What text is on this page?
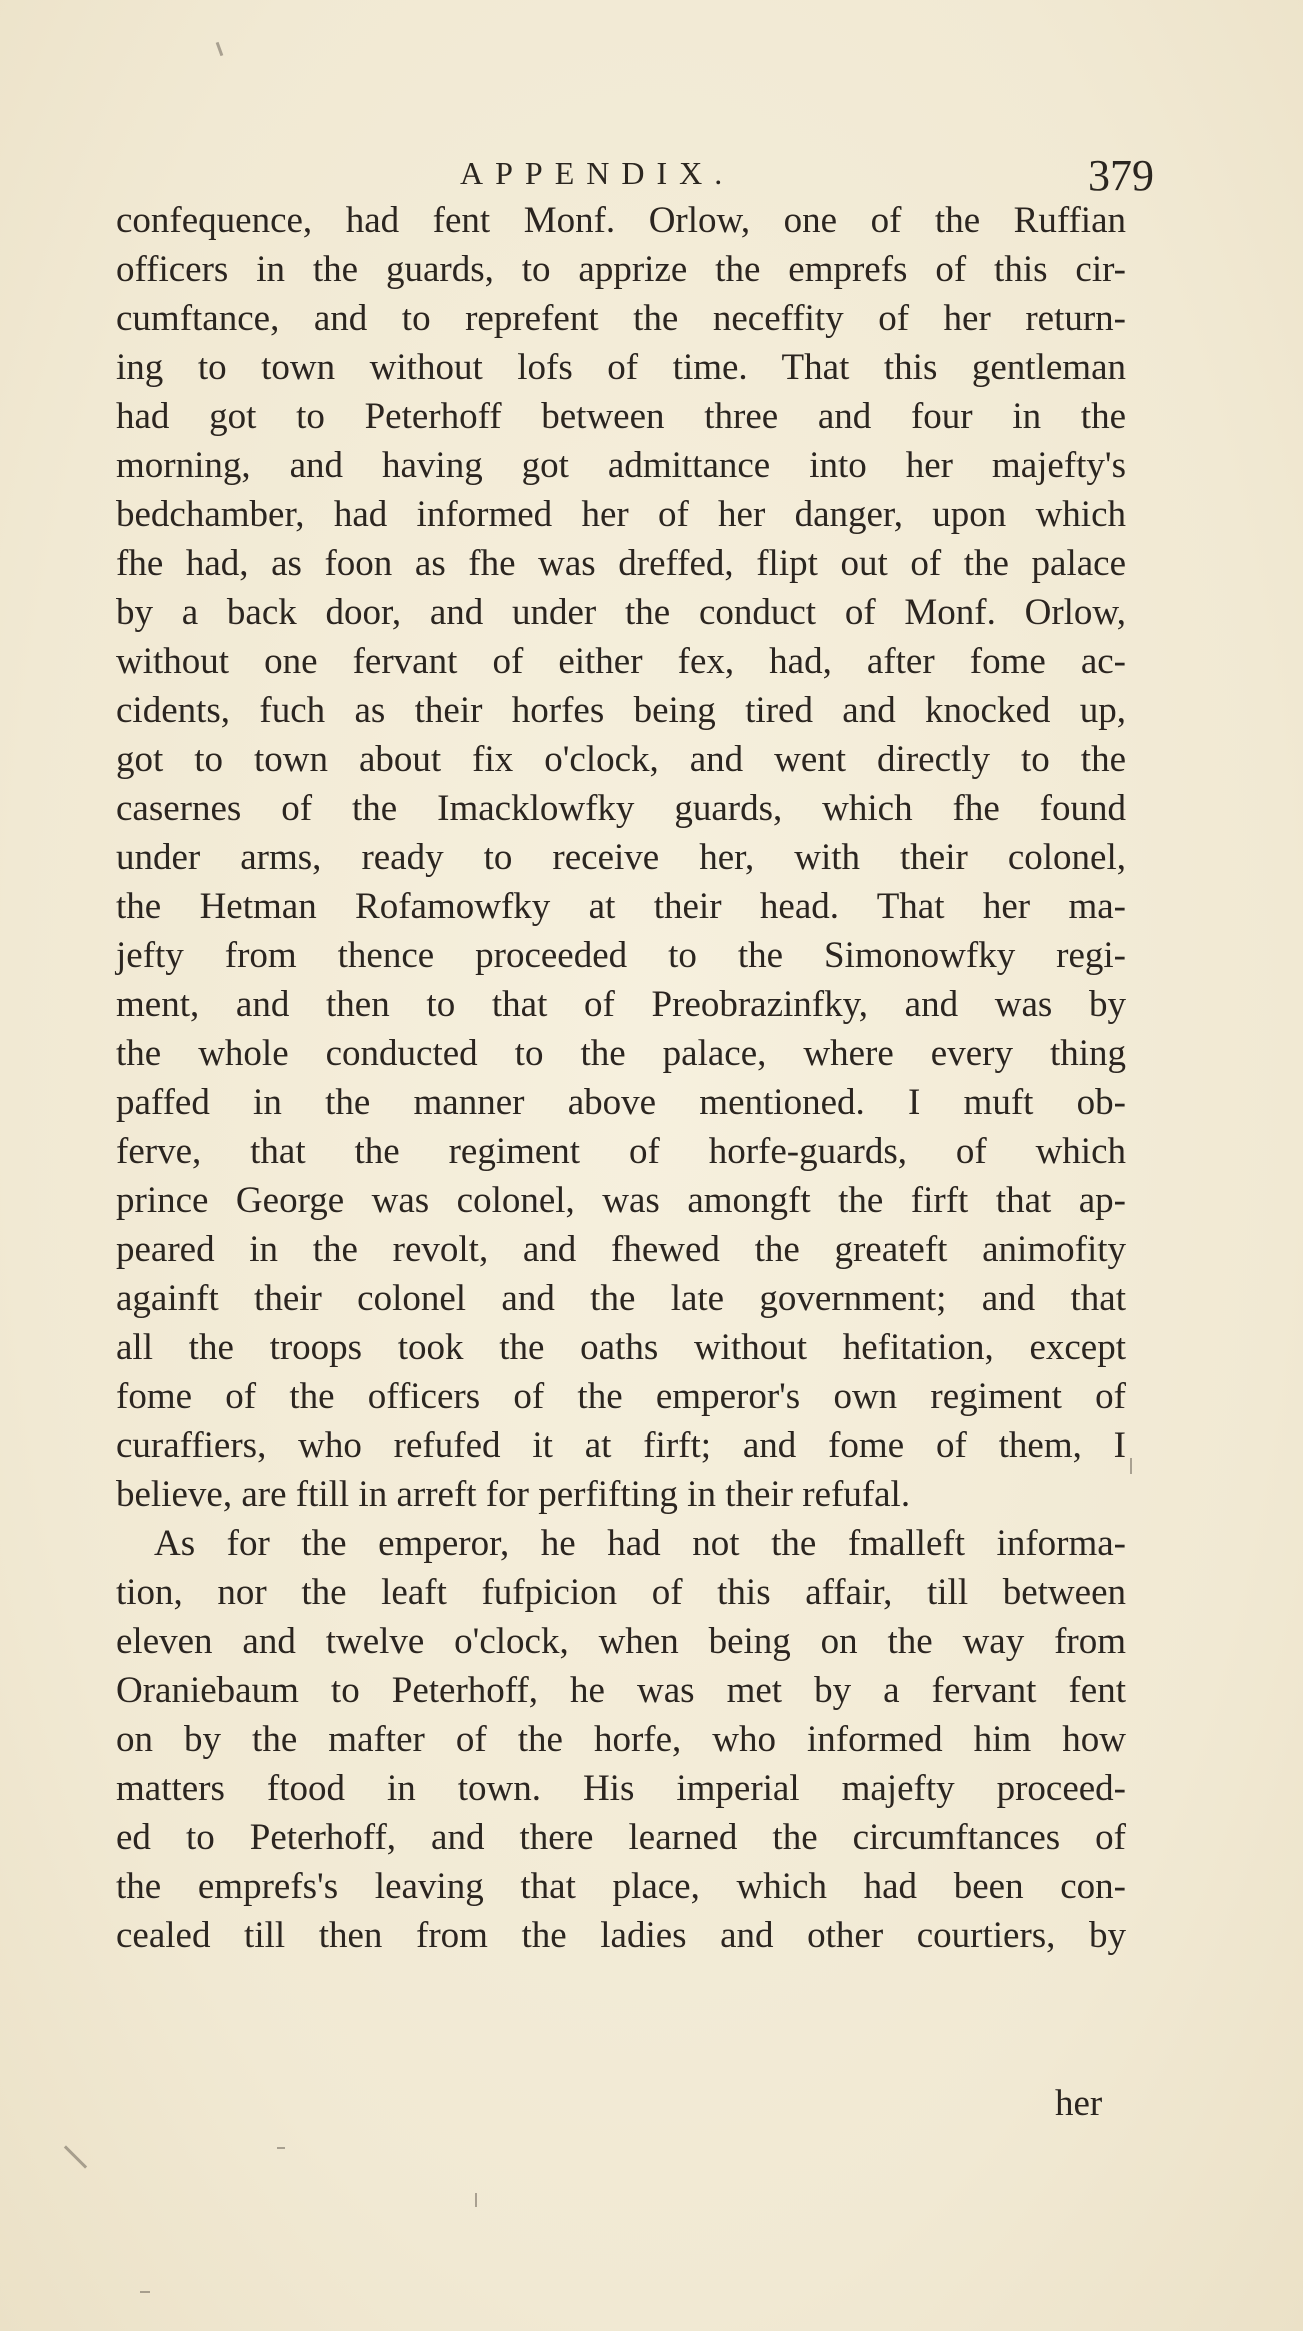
APPENDIX.	379
confequence, had fent Monf. Orlow, one of the Ruffian
officers in the guards, to apprize the emprefs of this cir-
cumftance, and to reprefent the neceffity of her return-
ing to town without lofs of time. That this gentleman
had got to Peterhoff between three and four in the
morning, and having got admittance into her majefty's
bedchamber, had informed her of her danger, upon which
fhe had, as foon as fhe was dreffed, flipt out of the palace
by a back door, and under the conduct of Monf. Orlow,
without one fervant of either fex, had, after fome ac-
cidents, fuch as their horfes being tired and knocked up,
got to town about fix o'clock, and went directly to the
casernes of the Imacklowfky guards, which fhe found
under arms, ready to receive her, with their colonel,
the Hetman Rofamowfky at their head. That her ma-
jefty from thence proceeded to the Simonowfky regi-
ment, and then to that of Preobrazinfky, and was by
the whole conducted to the palace, where every thing
paffed in the manner above mentioned. I muft ob-
ferve, that the regiment of horfe-guards, of which
prince George was colonel, was amongft the firft that ap-
peared in the revolt, and fhewed the greateft animofity
againft their colonel and the late government; and that
all the troops took the oaths without hefitation, except
fome of the officers of the emperor's own regiment of
curaffiers, who refufed it at firft; and fome of them, I
believe, are ftill in arreft for perfifting in their refufal.
As for the emperor, he had not the fmalleft informa-
tion, nor the leaft fufpicion of this affair, till between
eleven and twelve o'clock, when being on the way from
Oraniebaum to Peterhoff, he was met by a fervant fent
on by the mafter of the horfe, who informed him how
matters ftood in town. His imperial majefty proceed-
ed to Peterhoff, and there learned the circumftances of
the emprefs's leaving that place, which had been con-
cealed till then from the ladies and other courtiers, by
her
